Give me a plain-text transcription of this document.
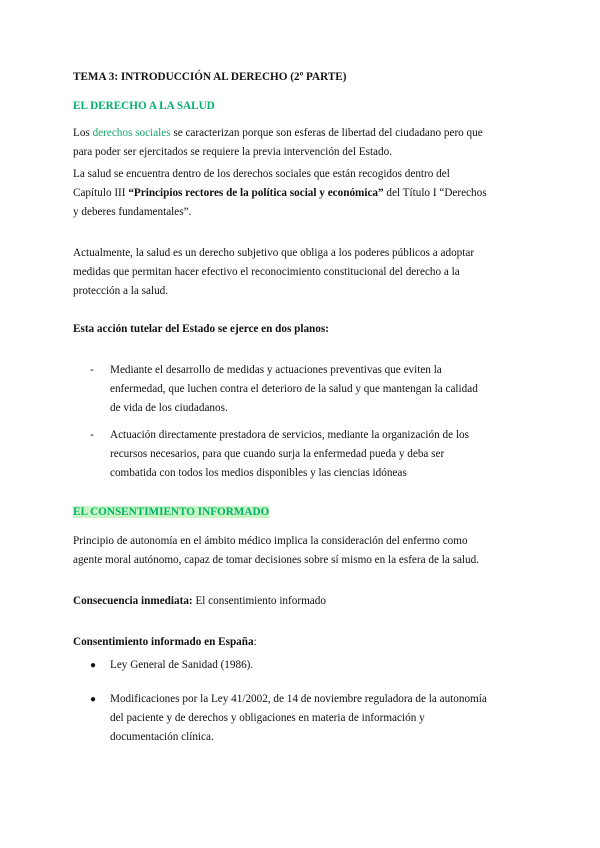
TEMA 3: INTRODUCCIÓN AL DERECHO (2º PARTE)
EL DERECHO A LA SALUD
Los derechos sociales se caracterizan porque son esferas de libertad del ciudadano pero que
para poder ser ejercitados se requiere la previa intervención del Estado.
La salud se encuentra dentro de los derechos sociales que están recogidos dentro del
Capítulo III “Principios rectores de la política social y económica” del Título I “Derechos
y deberes fundamentales”.
Actualmente, la salud es un derecho subjetivo que obliga a los poderes públicos a adoptar
medidas que permitan hacer efectivo el reconocimiento constitucional del derecho a la
protección a la salud.
Esta acción tutelar del Estado se ejerce en dos planos:
- Mediante el desarrollo de medidas y actuaciones preventivas que eviten la
enfermedad, que luchen contra el deterioro de la salud y que mantengan la calidad
de vida de los ciudadanos.
- Actuación directamente prestadora de servicios, mediante la organización de los
recursos necesarios, para que cuando surja la enfermedad pueda y deba ser
combatida con todos los medios disponibles y las ciencias idóneas
EL CONSENTIMIENTO INFORMADO
Principio de autonomía en el ámbito médico implica la consideración del enfermo como
agente moral autónomo, capaz de tomar decisiones sobre sí mismo en la esfera de la salud.
Consecuencia inmediata: El consentimiento informado
Consentimiento informado en España:
● Ley General de Sanidad (1986).
● Modificaciones por la Ley 41/2002, de 14 de noviembre reguladora de la autonomía
del paciente y de derechos y obligaciones en materia de información y
documentación clínica.
